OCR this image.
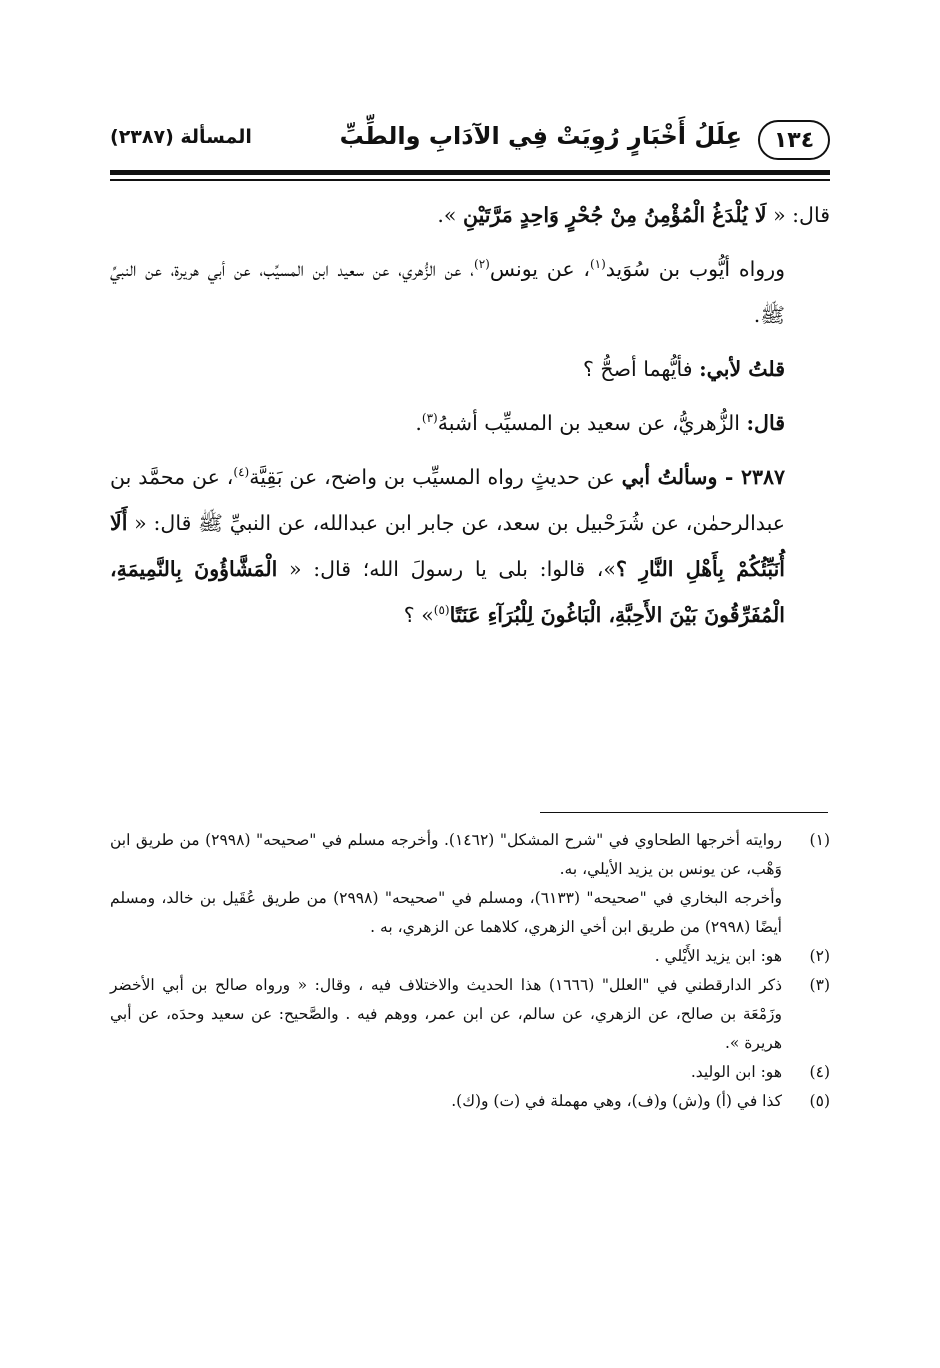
١٣٤
عِلَلُ أَخْبَارٍ رُوِيَتْ فِي الآدَابِ والطِّبِّ
المسألة (٢٣٨٧)

قال: « لَا يُلْدَغُ الْمُؤْمِنُ مِنْ جُحْرٍ وَاحِدٍ مَرَّتَيْنِ ».

ورواه أيُّوب بن سُوَيد$^{(١)}$، عن يونس$^{(٢)}$، عن الزُّهري، عن سعيد ابن المسيِّب، عن أبي هريرة، عن النبيِّ ﷺ.

قلتُ لأبي: فأيُّهما أصحُّ ؟

قال: الزُّهريُّ، عن سعيد بن المسيِّب أشبهُ$^{(٣)}$.

٢٣٨٧ - وسألتُ أبي عن حديثٍ رواه المسيِّب بن واضح، عن بَقِيَّة$^{(٤)}$، عن محمَّد بن عبدالرحمٰن، عن شُرَحْبيل بن سعد، عن جابر ابن عبدالله، عن النبيِّ ﷺ قال: « أَلَا أُنَبِّئُكُمْ بِأَهْلِ النَّارِ ؟»، قالوا: بلى يا رسولَ الله؛ قال: « الْمَشَّاؤُونَ بِالنَّمِيمَةِ، الْمُفَرِّقُونَ بَيْنَ الأَحِبَّةِ، الْبَاغُونَ لِلْبُرَآءِ عَنَتًا$^{(٥)}$» ؟

(١)

روايته أخرجها الطحاوي في "شرح المشكل" (١٤٦٢). وأخرجه مسلم في "صحيحه" (٢٩٩٨) من طريق ابن وَهْب، عن يونس بن يزيد الأيلي، به.

وأخرجه البخاري في "صحيحه" (٦١٣٣)، ومسلم في "صحيحه" (٢٩٩٨) من طريق عُقَيل بن خالد، ومسلم أيضًا (٢٩٩٨) من طريق ابن أخي الزهري، كلاهما عن الزهري، به .

(٢)

هو: ابن يزيد الأَيْلي .

(٣)

ذكر الدارقطني في "العلل" (١٦٦٦) هذا الحديث والاختلاف فيه ، وقال: « ورواه صالح بن أبي الأخضر وزَمْعَة بن صالح، عن الزهري، عن سالم، عن ابن عمر، ووهم فيه . والصَّحيح: عن سعيد وحدَه، عن أبي هريرة ».

(٤)

هو: ابن الوليد.

(٥)

كذا في (أ) و(ش) و(ف)، وهي مهملة في (ت) و(ك).
